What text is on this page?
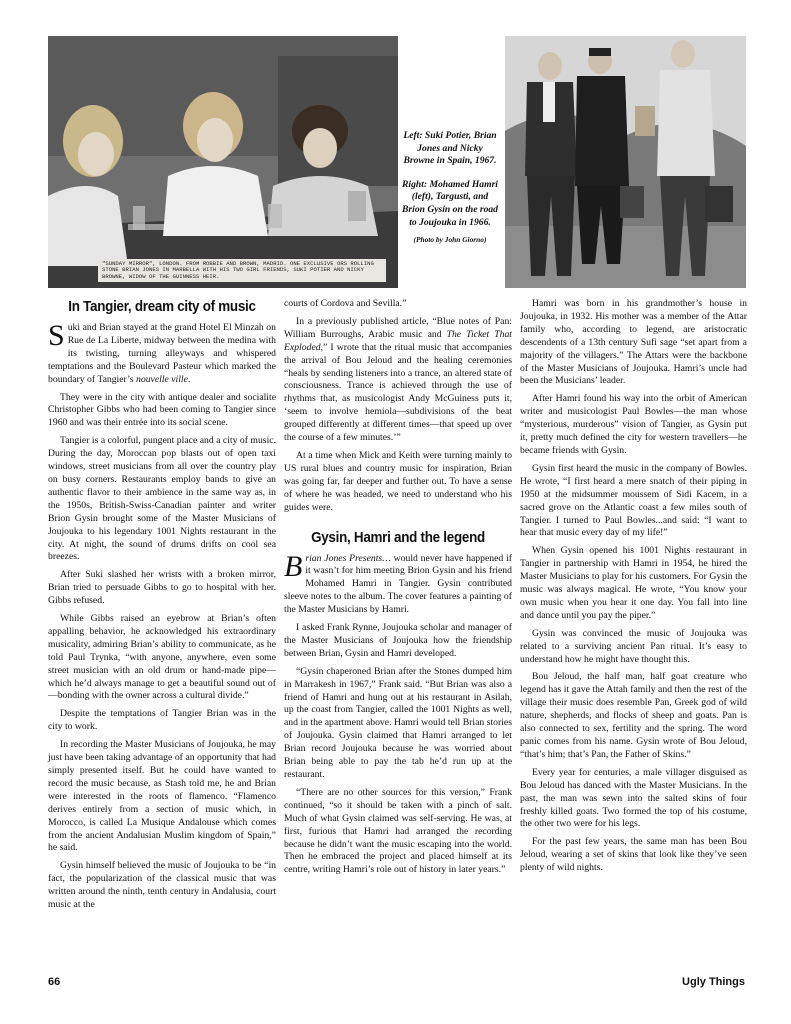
"SUNDAY MIRROR", LONDON. FROM ROBBIE AND BROWN, MADRID. ONE EXCLUSIVE ORS ROLLING STONE BRIAN JONES IN MARBELLA WITH HIS TWO GIRL FRIENDS, SUKI POTIER AND NICKY BROWNE, WIDOW OF THE GUINNESS HEIR.

Left: Suki Potier, Brian Jones and Nicky Browne in Spain, 1967.

Right: Mohamed Hamri (left), Targusti, and Brion Gysin on the road to Joujouka in 1966.

(Photo by John Giorno)

In Tangier, dream city of music

Suki and Brian stayed at the grand Hotel El Minzah on Rue de La Liberte, midway between the medina with its twisting, turning alleyways and whispered temptations and the Boulevard Pasteur which marked the boundary of Tangier’s nouvelle ville.

They were in the city with antique dealer and socialite Christopher Gibbs who had been coming to Tangier since 1960 and was their entrée into its social scene.

Tangier is a colorful, pungent place and a city of music. During the day, Moroccan pop blasts out of open taxi windows, street musicians from all over the country play on busy corners. Restaurants employ bands to give an authentic flavor to their ambience in the same way as, in the 1950s, British-Swiss-Canadian painter and writer Brion Gysin brought some of the Master Musicians of Joujouka to his legendary 1001 Nights restaurant in the city. At night, the sound of drums drifts on cool sea breezes.

After Suki slashed her wrists with a broken mirror, Brian tried to persuade Gibbs to go to hospital with her. Gibbs refused.

While Gibbs raised an eyebrow at Brian’s often appalling behavior, he acknowledged his extraordinary musicality, admiring Brian’s ability to communicate, as he told Paul Trynka, “with anyone, anywhere, even some street musician with an old drum or hand-made pipe—which he’d always manage to get a beautiful sound out of—bonding with the owner across a cultural divide.”

Despite the temptations of Tangier Brian was in the city to work.

In recording the Master Musicians of Joujouka, he may just have been taking advantage of an opportunity that had simply presented itself. But he could have wanted to record the music because, as Stash told me, he and Brian were interested in the roots of flamenco. “Flamenco derives entirely from a section of music which, in Morocco, is called La Musique Andalouse which comes from the ancient Andalusian Muslim kingdom of Spain,” he said.

Gysin himself believed the music of Joujouka to be “in fact, the popularization of the classical music that was written around the ninth, tenth century in Andalusia, court music at the

courts of Cordova and Sevilla.”

In a previously published article, “Blue notes of Pan: William Burroughs, Arabic music and The Ticket That Exploded,” I wrote that the ritual music that accompanies the arrival of Bou Jeloud and the healing ceremonies “heals by sending listeners into a trance, an altered state of consciousness. Trance is achieved through the use of rhythms that, as musicologist Andy McGuiness puts it, ‘seem to involve hemiola—subdivisions of the beat grouped differently at different times—that speed up over the course of a few minutes.’”

At a time when Mick and Keith were turning mainly to US rural blues and country music for inspiration, Brian was going far, far deeper and further out. To have a sense of where he was headed, we need to understand who his guides were.

Gysin, Hamri and the legend

Brian Jones Presents… would never have happened if it wasn’t for him meeting Brion Gysin and his friend Mohamed Hamri in Tangier. Gysin contributed sleeve notes to the album. The cover features a painting of the Master Musicians by Hamri.

I asked Frank Rynne, Joujouka scholar and manager of the Master Musicians of Joujouka how the friendship between Brian, Gysin and Hamri developed.

“Gysin chaperoned Brian after the Stones dumped him in Marrakesh in 1967,” Frank said. “But Brian was also a friend of Hamri and hung out at his restaurant in Asilah, up the coast from Tangier, called the 1001 Nights as well, and in the apartment above. Hamri would tell Brian stories of Joujouka. Gysin claimed that Hamri arranged to let Brian record Joujouka because he was worried about Brian being able to pay the tab he’d run up at the restaurant.

“There are no other sources for this version,” Frank continued, “so it should be taken with a pinch of salt. Much of what Gysin claimed was self-serving. He was, at first, furious that Hamri had arranged the recording because he didn’t want the music escaping into the world. Then he embraced the project and placed himself at its centre, writing Hamri’s role out of history in later years.”

Hamri was born in his grandmother’s house in Joujouka, in 1932. His mother was a member of the Attar family who, according to legend, are aristocratic descendents of a 13th century Sufi sage “set apart from a majority of the villagers.” The Attars were the backbone of the Master Musicians of Joujouka. Hamri’s uncle had been the Musicians’ leader.

After Hamri found his way into the orbit of American writer and musicologist Paul Bowles—the man whose “mysterious, murderous” vision of Tangier, as Gysin put it, pretty much defined the city for western travellers—he became friends with Gysin.

Gysin first heard the music in the company of Bowles. He wrote, “I first heard a mere snatch of their piping in 1950 at the midsummer moussem of Sidi Kacem, in a sacred grove on the Atlantic coast a few miles south of Tangier. I turned to Paul Bowles...and said: “I want to hear that music every day of my life!”

When Gysin opened his 1001 Nights restaurant in Tangier in partnership with Hamri in 1954, he hired the Master Musicians to play for his customers. For Gysin the music was always magical. He wrote, “You know your own music when you hear it one day. You fall into line and dance until you pay the piper.”

Gysin was convinced the music of Joujouka was related to a surviving ancient Pan ritual. It’s easy to understand how he might have thought this.

Bou Jeloud, the half man, half goat creature who legend has it gave the Attah family and then the rest of the village their music does resemble Pan, Greek god of wild nature, shepherds, and flocks of sheep and goats. Pan is also connected to sex, fertility and the spring. The word panic comes from his name. Gysin wrote of Bou Jeloud, “that’s him; that’s Pan, the Father of Skins.”

Every year for centuries, a male villager disguised as Bou Jeloud has danced with the Master Musicians. In the past, the man was sewn into the salted skins of four freshly killed goats. Two formed the top of his costume, the other two were for his legs.

For the past few years, the same man has been Bou Jeloud, wearing a set of skins that look like they’ve seen plenty of wild nights.

66	Ugly Things
